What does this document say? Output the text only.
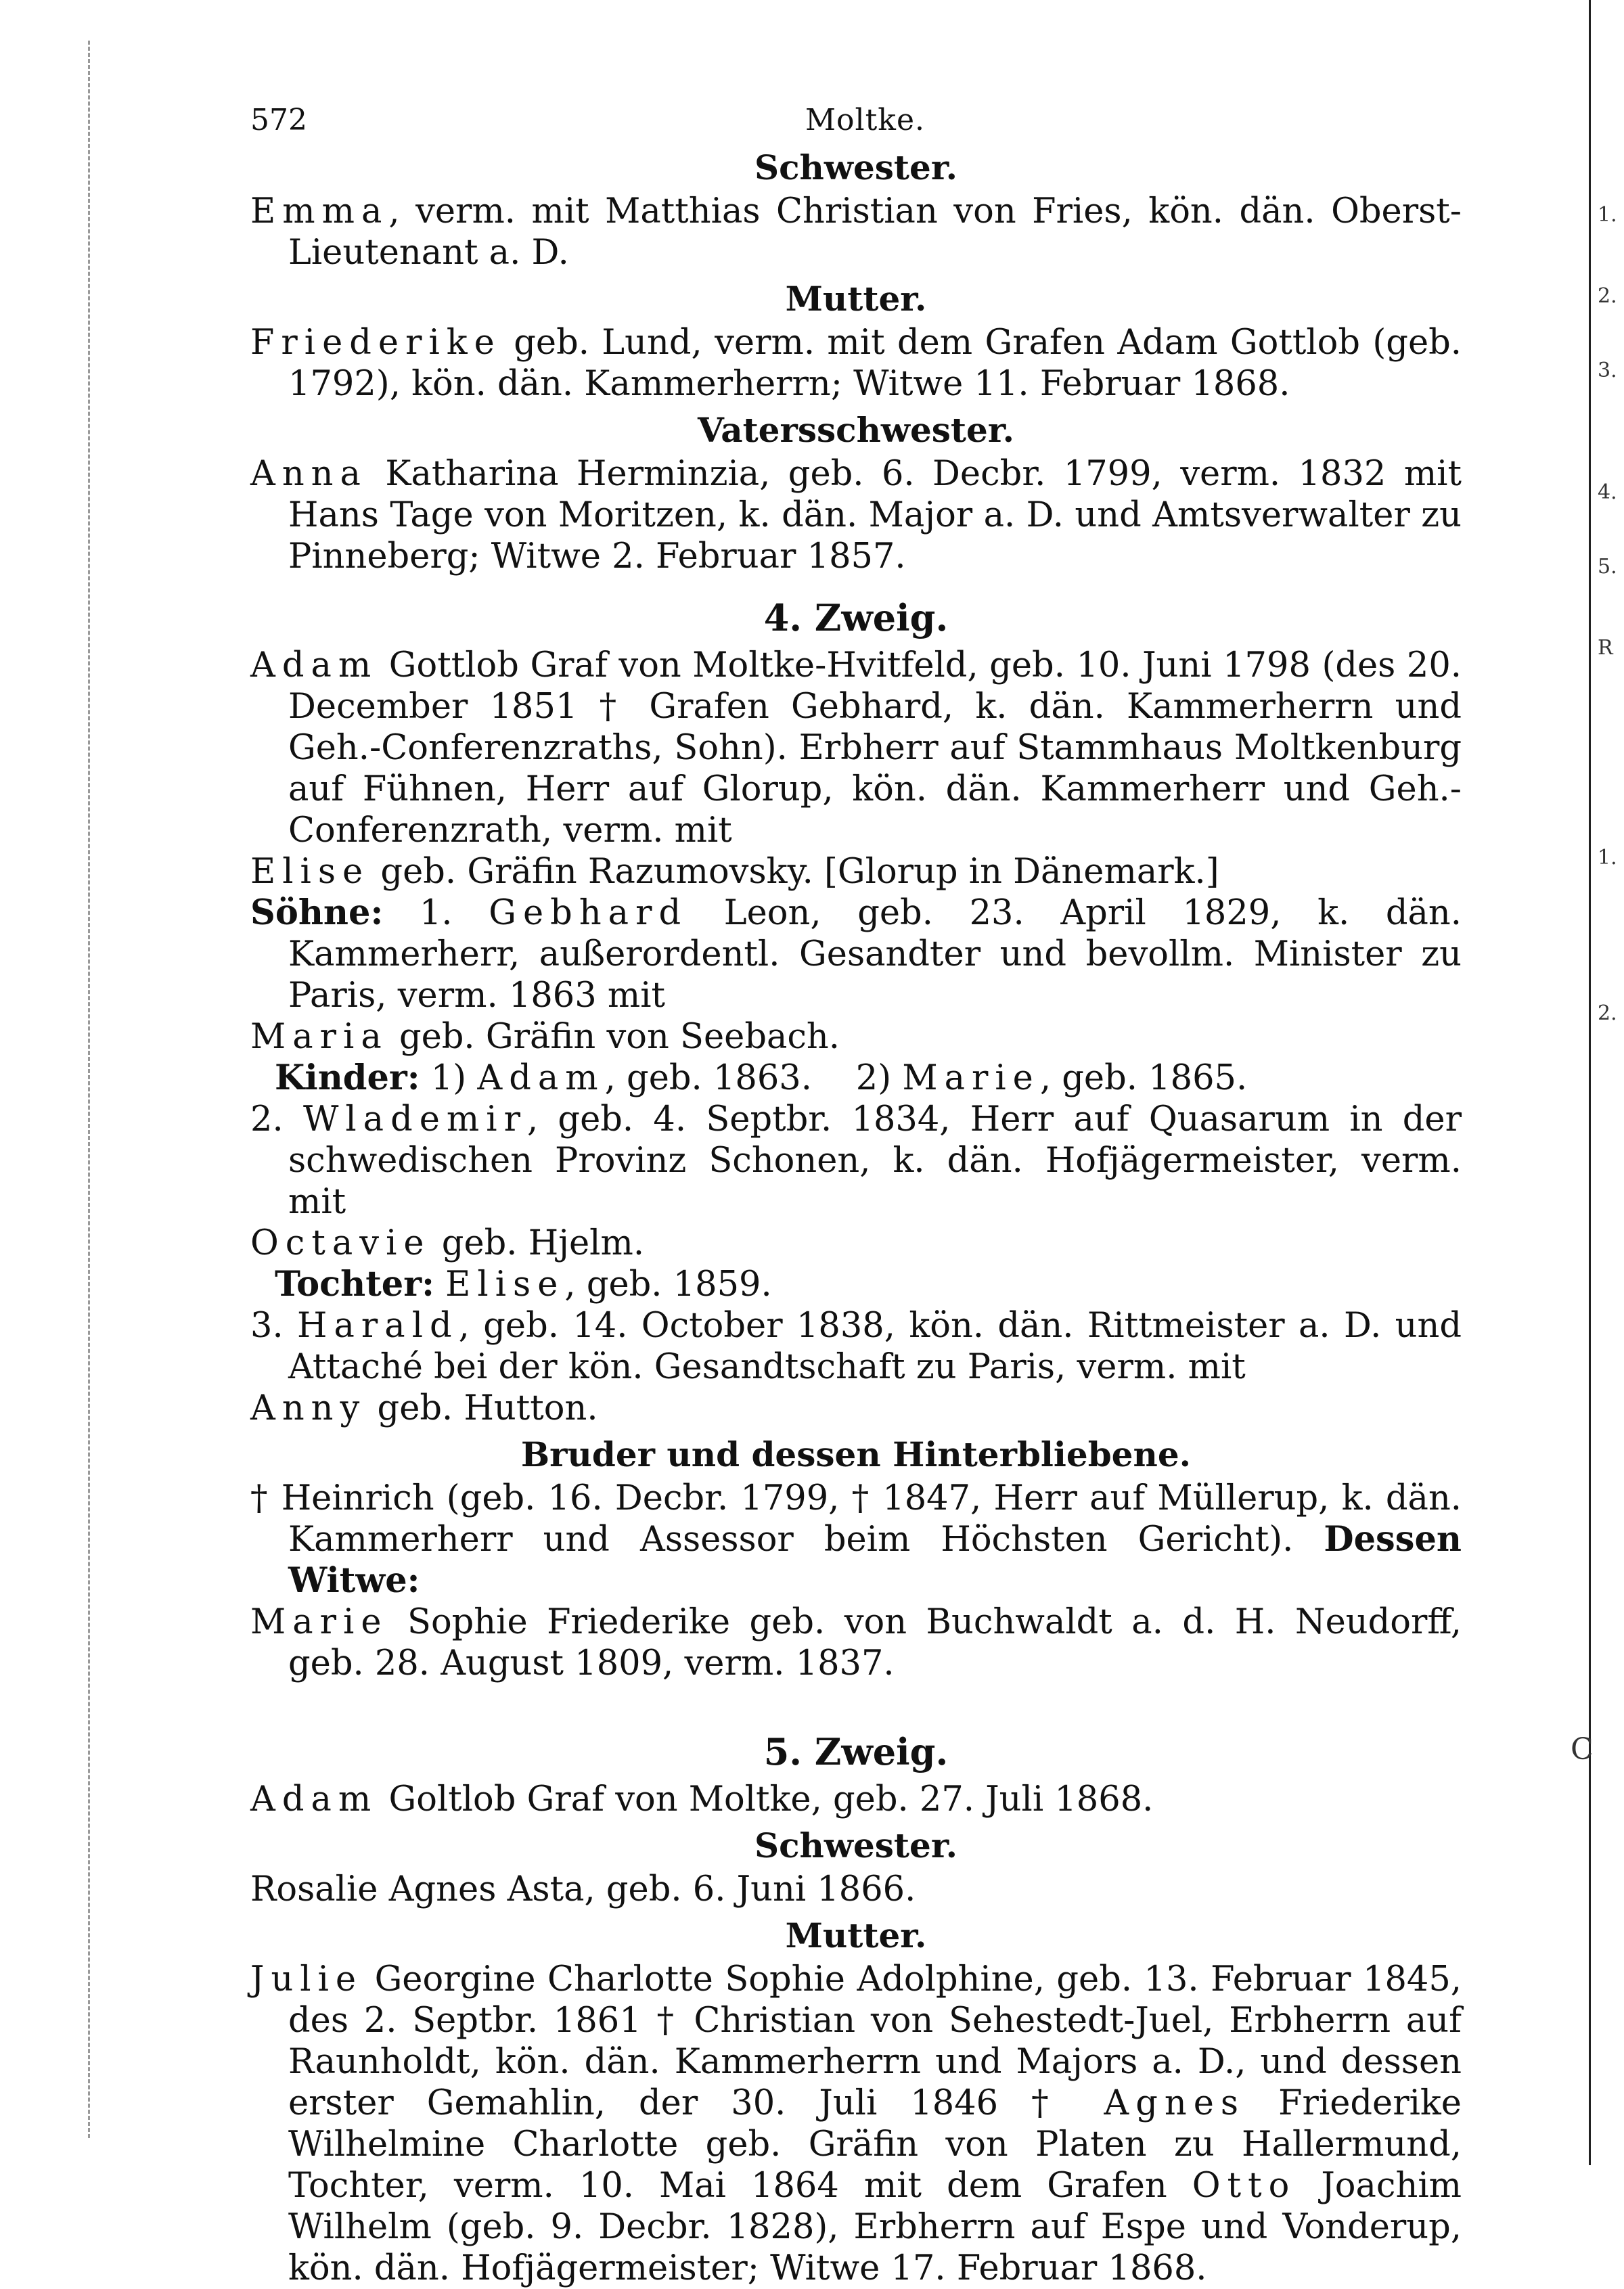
572	Moltke.
Schwester.
Emma, verm. mit Matthias Christian von Fries, kön. dän. Oberst-Lieutenant a. D.
Mutter.
Friederike geb. Lund, verm. mit dem Grafen Adam Gottlob (geb. 1792), kön. dän. Kammerherrn; Witwe 11. Februar 1868.
Vatersschwester.
Anna Katharina Herminzia, geb. 6. Decbr. 1799, verm. 1832 mit Hans Tage von Moritzen, k. dän. Major a. D. und Amtsverwalter zu Pinneberg; Witwe 2. Februar 1857.
4. Zweig.
Adam Gottlob Graf von Moltke-Hvitfeld, geb. 10. Juni 1798 (des 20. December 1851 † Grafen Gebhard, k. dän. Kammerherrn und Geh.-Conferenzraths, Sohn). Erbherr auf Stammhaus Moltkenburg auf Fühnen, Herr auf Glorup, kön. dän. Kammerherr und Geh.-Conferenzrath, verm. mit
Elise geb. Gräfin Razumovsky. [Glorup in Dänemark.]
Söhne: 1. Gebhard Leon, geb. 23. April 1829, k. dän. Kammerherr, außerordentl. Gesandter und bevollm. Minister zu Paris, verm. 1863 mit
Maria geb. Gräfin von Seebach.
Kinder: 1) Adam, geb. 1863.    2) Marie, geb. 1865.
2. Wlademir, geb. 4. Septbr. 1834, Herr auf Quasarum in der schwedischen Provinz Schonen, k. dän. Hofjägermeister, verm. mit
Octavie geb. Hjelm.
Tochter: Elise, geb. 1859.
3. Harald, geb. 14. October 1838, kön. dän. Rittmeister a. D. und Attaché bei der kön. Gesandtschaft zu Paris, verm. mit
Anny geb. Hutton.
Bruder und dessen Hinterbliebene.
† Heinrich (geb. 16. Decbr. 1799, † 1847, Herr auf Müllerup, k. dän. Kammerherr und Assessor beim Höchsten Gericht). Dessen Witwe:
Marie Sophie Friederike geb. von Buchwaldt a. d. H. Neudorff, geb. 28. August 1809, verm. 1837.
5. Zweig.
Adam Goltlob Graf von Moltke, geb. 27. Juli 1868.
Schwester.
Rosalie Agnes Asta, geb. 6. Juni 1866.
Mutter.
Julie Georgine Charlotte Sophie Adolphine, geb. 13. Februar 1845, des 2. Septbr. 1861 † Christian von Sehestedt-Juel, Erbherrn auf Raunholdt, kön. dän. Kammerherrn und Majors a. D., und dessen erster Gemahlin, der 30. Juli 1846 † Agnes Friederike Wilhelmine Charlotte geb. Gräfin von Platen zu Hallermund, Tochter, verm. 10. Mai 1864 mit dem Grafen Otto Joachim Wilhelm (geb. 9. Decbr. 1828), Erbherrn auf Espe und Vonderup, kön. dän. Hofjägermeister; Witwe 17. Februar 1868.
1.
2.
3.
4.
5.
R
1.
2.
C
